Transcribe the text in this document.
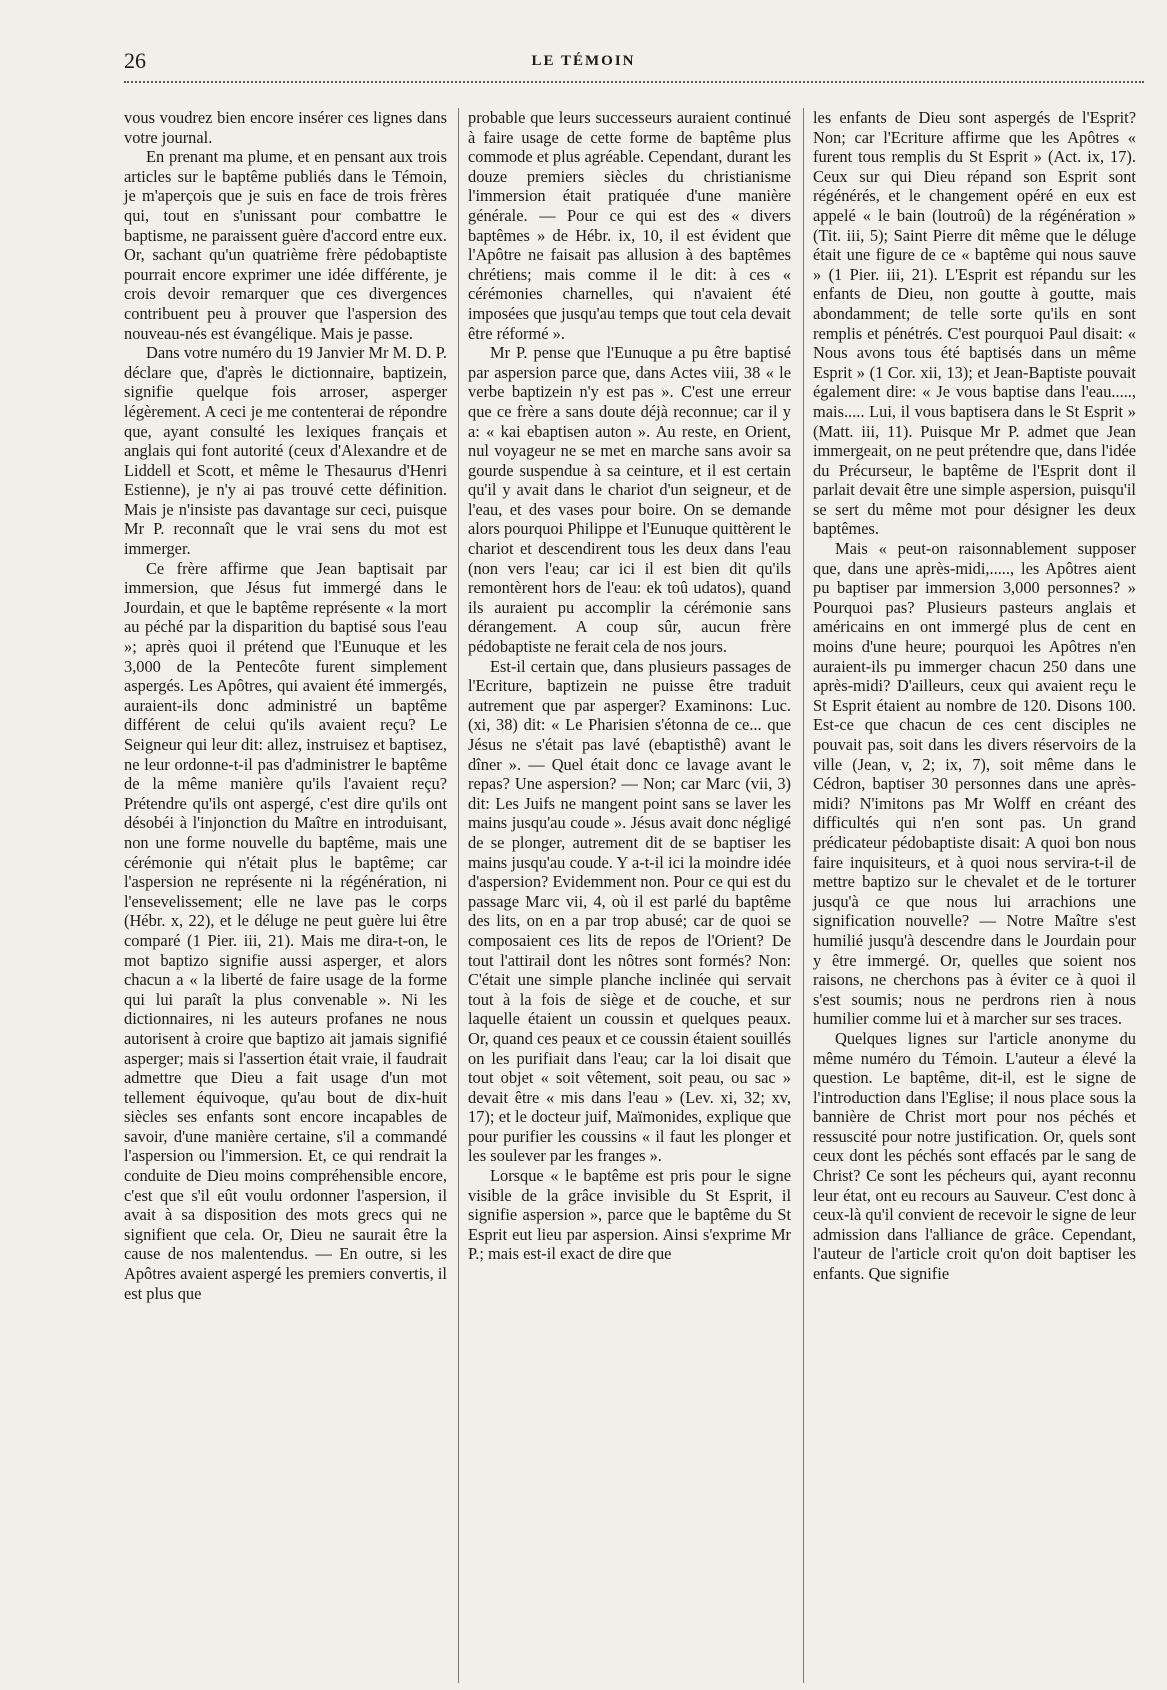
26	LE TÉMOIN

vous voudrez bien encore insérer ces lignes dans votre journal.

En prenant ma plume, et en pensant aux trois articles sur le baptême publiés dans le Témoin, je m'aperçois que je suis en face de trois frères qui, tout en s'unissant pour combattre le baptisme, ne paraissent guère d'accord entre eux. Or, sachant qu'un quatrième frère pédobaptiste pourrait encore exprimer une idée différente, je crois devoir remarquer que ces divergences contribuent peu à prouver que l'aspersion des nouveau-nés est évangélique. Mais je passe.

Dans votre numéro du 19 Janvier Mr M. D. P. déclare que, d'après le dictionnaire, baptizein, signifie quelque fois arroser, asperger légèrement. A ceci je me contenterai de répondre que, ayant consulté les lexiques français et anglais qui font autorité (ceux d'Alexandre et de Liddell et Scott, et même le Thesaurus d'Henri Estienne), je n'y ai pas trouvé cette définition. Mais je n'insiste pas davantage sur ceci, puisque Mr P. reconnaît que le vrai sens du mot est immerger.

Ce frère affirme que Jean baptisait par immersion, que Jésus fut immergé dans le Jourdain, et que le baptême représente « la mort au péché par la disparition du baptisé sous l'eau »; après quoi il prétend que l'Eunuque et les 3,000 de la Pentecôte furent simplement aspergés. Les Apôtres, qui avaient été immergés, auraient-ils donc administré un baptême différent de celui qu'ils avaient reçu? Le Seigneur qui leur dit: allez, instruisez et baptisez, ne leur ordonne-t-il pas d'administrer le baptême de la même manière qu'ils l'avaient reçu? Prétendre qu'ils ont aspergé, c'est dire qu'ils ont désobéi à l'injonction du Maître en introduisant, non une forme nouvelle du baptême, mais une cérémonie qui n'était plus le baptême; car l'aspersion ne représente ni la régénération, ni l'ensevelissement; elle ne lave pas le corps (Hébr. x, 22), et le déluge ne peut guère lui être comparé (1 Pier. iii, 21). Mais me dira-t-on, le mot baptizo signifie aussi asperger, et alors chacun a « la liberté de faire usage de la forme qui lui paraît la plus convenable ». Ni les dictionnaires, ni les auteurs profanes ne nous autorisent à croire que baptizo ait jamais signifié asperger; mais si l'assertion était vraie, il faudrait admettre que Dieu a fait usage d'un mot tellement équivoque, qu'au bout de dix-huit siècles ses enfants sont encore incapables de savoir, d'une manière certaine, s'il a commandé l'aspersion ou l'immersion. Et, ce qui rendrait la conduite de Dieu moins compréhensible encore, c'est que s'il eût voulu ordonner l'aspersion, il avait à sa disposition des mots grecs qui ne signifient que cela. Or, Dieu ne saurait être la cause de nos malentendus. — En outre, si les Apôtres avaient aspergé les premiers convertis, il est plus que

probable que leurs successeurs auraient continué à faire usage de cette forme de baptême plus commode et plus agréable. Cependant, durant les douze premiers siècles du christianisme l'immersion était pratiquée d'une manière générale. — Pour ce qui est des « divers baptêmes » de Hébr. ix, 10, il est évident que l'Apôtre ne faisait pas allusion à des baptêmes chrétiens; mais comme il le dit: à ces « cérémonies charnelles, qui n'avaient été imposées que jusqu'au temps que tout cela devait être réformé ».

Mr P. pense que l'Eunuque a pu être baptisé par aspersion parce que, dans Actes viii, 38 « le verbe baptizein n'y est pas ». C'est une erreur que ce frère a sans doute déjà reconnue; car il y a: « kai ebaptisen auton ». Au reste, en Orient, nul voyageur ne se met en marche sans avoir sa gourde suspendue à sa ceinture, et il est certain qu'il y avait dans le chariot d'un seigneur, et de l'eau, et des vases pour boire. On se demande alors pourquoi Philippe et l'Eunuque quittèrent le chariot et descendirent tous les deux dans l'eau (non vers l'eau; car ici il est bien dit qu'ils remontèrent hors de l'eau: ek toû udatos), quand ils auraient pu accomplir la cérémonie sans dérangement. A coup sûr, aucun frère pédobaptiste ne ferait cela de nos jours.

Est-il certain que, dans plusieurs passages de l'Ecriture, baptizein ne puisse être traduit autrement que par asperger? Examinons: Luc. (xi, 38) dit: « Le Pharisien s'étonna de ce... que Jésus ne s'était pas lavé (ebaptisthê) avant le dîner ». — Quel était donc ce lavage avant le repas? Une aspersion? — Non; car Marc (vii, 3) dit: Les Juifs ne mangent point sans se laver les mains jusqu'au coude ». Jésus avait donc négligé de se plonger, autrement dit de se baptiser les mains jusqu'au coude. Y a-t-il ici la moindre idée d'aspersion? Evidemment non. Pour ce qui est du passage Marc vii, 4, où il est parlé du baptême des lits, on en a par trop abusé; car de quoi se composaient ces lits de repos de l'Orient? De tout l'attirail dont les nôtres sont formés? Non: C'était une simple planche inclinée qui servait tout à la fois de siège et de couche, et sur laquelle étaient un coussin et quelques peaux. Or, quand ces peaux et ce coussin étaient souillés on les purifiait dans l'eau; car la loi disait que tout objet « soit vêtement, soit peau, ou sac » devait être « mis dans l'eau » (Lev. xi, 32; xv, 17); et le docteur juif, Maïmonides, explique que pour purifier les coussins « il faut les plonger et les soulever par les franges ».

Lorsque « le baptême est pris pour le signe visible de la grâce invisible du St Esprit, il signifie aspersion », parce que le baptême du St Esprit eut lieu par aspersion. Ainsi s'exprime Mr P.; mais est-il exact de dire que

les enfants de Dieu sont aspergés de l'Esprit? Non; car l'Ecriture affirme que les Apôtres « furent tous remplis du St Esprit » (Act. ix, 17). Ceux sur qui Dieu répand son Esprit sont régénérés, et le changement opéré en eux est appelé « le bain (loutroû) de la régénération » (Tit. iii, 5); Saint Pierre dit même que le déluge était une figure de ce « baptême qui nous sauve » (1 Pier. iii, 21). L'Esprit est répandu sur les enfants de Dieu, non goutte à goutte, mais abondamment; de telle sorte qu'ils en sont remplis et pénétrés. C'est pourquoi Paul disait: « Nous avons tous été baptisés dans un même Esprit » (1 Cor. xii, 13); et Jean-Baptiste pouvait également dire: « Je vous baptise dans l'eau....., mais..... Lui, il vous baptisera dans le St Esprit » (Matt. iii, 11). Puisque Mr P. admet que Jean immergeait, on ne peut prétendre que, dans l'idée du Précurseur, le baptême de l'Esprit dont il parlait devait être une simple aspersion, puisqu'il se sert du même mot pour désigner les deux baptêmes.

Mais « peut-on raisonnablement supposer que, dans une après-midi,....., les Apôtres aient pu baptiser par immersion 3,000 personnes? » Pourquoi pas? Plusieurs pasteurs anglais et américains en ont immergé plus de cent en moins d'une heure; pourquoi les Apôtres n'en auraient-ils pu immerger chacun 250 dans une après-midi? D'ailleurs, ceux qui avaient reçu le St Esprit étaient au nombre de 120. Disons 100. Est-ce que chacun de ces cent disciples ne pouvait pas, soit dans les divers réservoirs de la ville (Jean, v, 2; ix, 7), soit même dans le Cédron, baptiser 30 personnes dans une après-midi? N'imitons pas Mr Wolff en créant des difficultés qui n'en sont pas. Un grand prédicateur pédobaptiste disait: A quoi bon nous faire inquisiteurs, et à quoi nous servira-t-il de mettre baptizo sur le chevalet et de le torturer jusqu'à ce que nous lui arrachions une signification nouvelle? — Notre Maître s'est humilié jusqu'à descendre dans le Jourdain pour y être immergé. Or, quelles que soient nos raisons, ne cherchons pas à éviter ce à quoi il s'est soumis; nous ne perdrons rien à nous humilier comme lui et à marcher sur ses traces.

Quelques lignes sur l'article anonyme du même numéro du Témoin. L'auteur a élevé la question. Le baptême, dit-il, est le signe de l'introduction dans l'Eglise; il nous place sous la bannière de Christ mort pour nos péchés et ressuscité pour notre justification. Or, quels sont ceux dont les péchés sont effacés par le sang de Christ? Ce sont les pécheurs qui, ayant reconnu leur état, ont eu recours au Sauveur. C'est donc à ceux-là qu'il convient de recevoir le signe de leur admission dans l'alliance de grâce. Cependant, l'auteur de l'article croit qu'on doit baptiser les enfants. Que signifie
